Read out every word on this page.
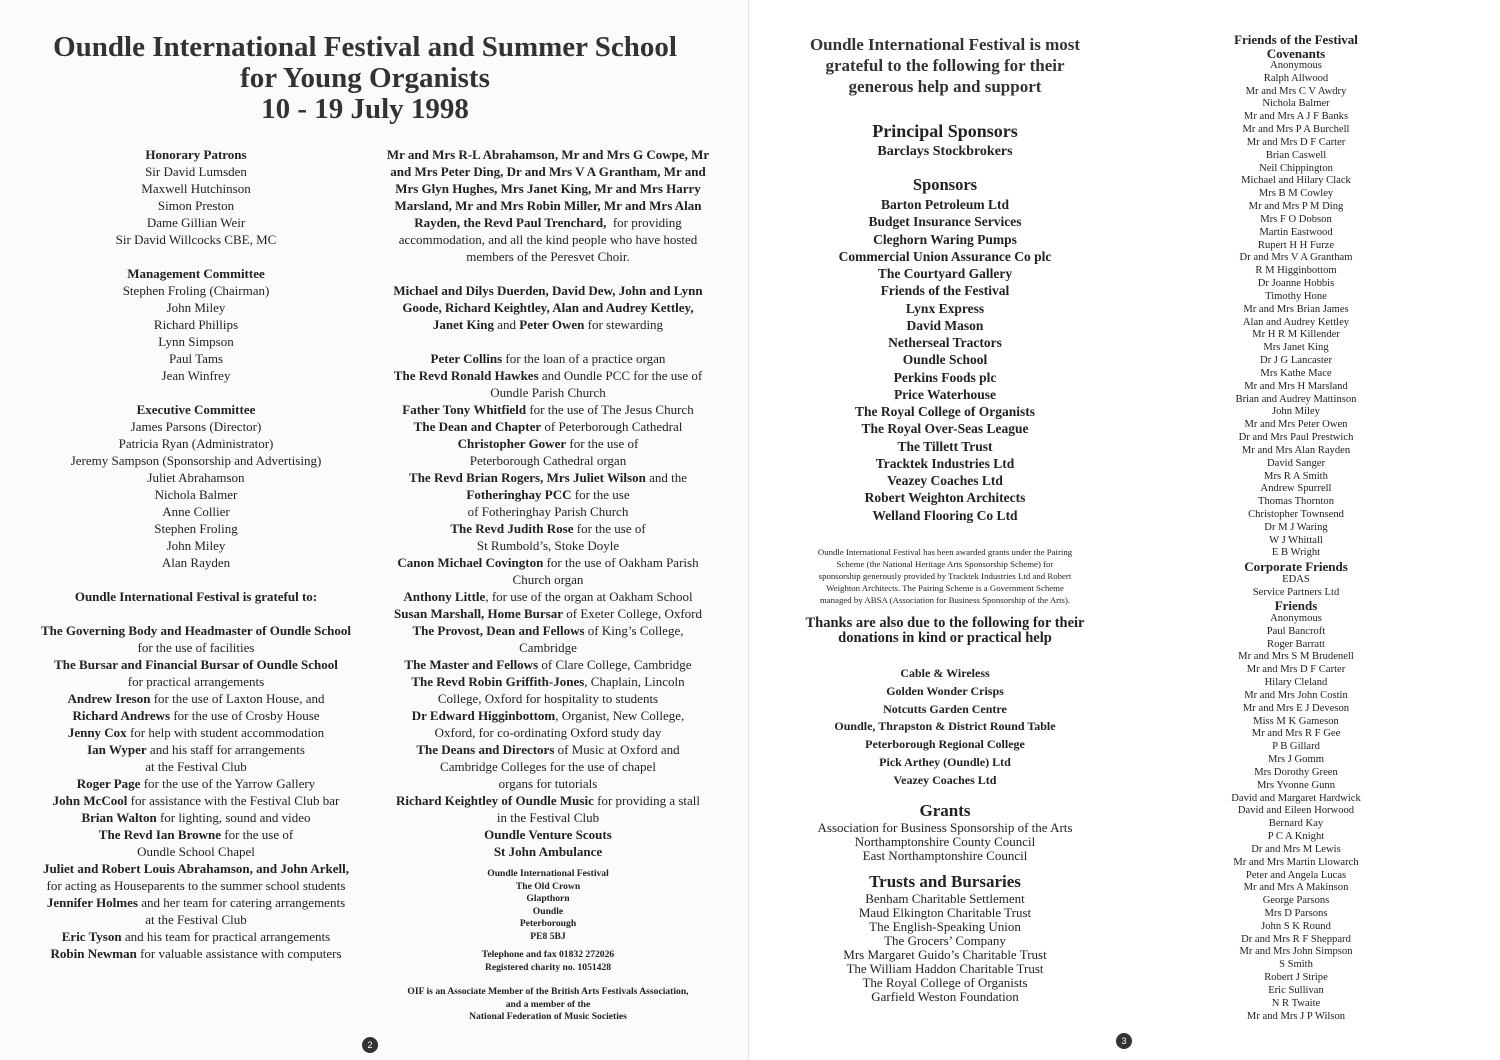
Oundle International Festival and Summer School
for Young Organists
10 - 19 July 1998
Honorary Patrons
Sir David Lumsden
Maxwell Hutchinson
Simon Preston
Dame Gillian Weir
Sir David Willcocks CBE, MC
Management Committee
Stephen Froling (Chairman)
John Miley
Richard Phillips
Lynn Simpson
Paul Tams
Jean Winfrey
Executive Committee
James Parsons (Director)
Patricia Ryan (Administrator)
Jeremy Sampson (Sponsorship and Advertising)
Juliet Abrahamson
Nichola Balmer
Anne Collier
Stephen Froling
John Miley
Alan Rayden
Oundle International Festival is grateful to:
The Governing Body and Headmaster of Oundle School
for the use of facilities
The Bursar and Financial Bursar of Oundle School
for practical arrangements
Andrew Ireson for the use of Laxton House, and
Richard Andrews for the use of Crosby House
Jenny Cox for help with student accommodation
Ian Wyper and his staff for arrangements
at the Festival Club
Roger Page for the use of the Yarrow Gallery
John McCool for assistance with the Festival Club bar
Brian Walton for lighting, sound and video
The Revd Ian Browne for the use of
Oundle School Chapel
Juliet and Robert Louis Abrahamson, and John Arkell,
for acting as Houseparents to the summer school students
Jennifer Holmes and her team for catering arrangements
at the Festival Club
Eric Tyson and his team for practical arrangements
Robin Newman for valuable assistance with computers
Mr and Mrs R-L Abrahamson, Mr and Mrs G Cowpe, Mr
and Mrs Peter Ding, Dr and Mrs V A Grantham, Mr and
Mrs Glyn Hughes, Mrs Janet King, Mr and Mrs Harry
Marsland, Mr and Mrs Robin Miller, Mr and Mrs Alan
Rayden, the Revd Paul Trenchard,  for providing
accommodation, and all the kind people who have hosted
members of the Peresvet Choir.
Michael and Dilys Duerden, David Dew, John and Lynn
Goode, Richard Keightley, Alan and Audrey Kettley,
Janet King and Peter Owen for stewarding
Peter Collins for the loan of a practice organ
The Revd Ronald Hawkes and Oundle PCC for the use of
Oundle Parish Church
Father Tony Whitfield for the use of The Jesus Church
The Dean and Chapter of Peterborough Cathedral
Christopher Gower for the use of
Peterborough Cathedral organ
The Revd Brian Rogers, Mrs Juliet Wilson and the
Fotheringhay PCC for the use
of Fotheringhay Parish Church
The Revd Judith Rose for the use of
St Rumbold’s, Stoke Doyle
Canon Michael Covington for the use of Oakham Parish
Church organ
Anthony Little, for use of the organ at Oakham School
Susan Marshall, Home Bursar of Exeter College, Oxford
The Provost, Dean and Fellows of King’s College,
Cambridge
The Master and Fellows of Clare College, Cambridge
The Revd Robin Griffith-Jones, Chaplain, Lincoln
College, Oxford for hospitality to students
Dr Edward Higginbottom, Organist, New College,
Oxford, for co-ordinating Oxford study day
The Deans and Directors of Music at Oxford and
Cambridge Colleges for the use of chapel
organs for tutorials
Richard Keightley of Oundle Music for providing a stall
in the Festival Club
Oundle Venture Scouts
St John Ambulance
Oundle International Festival
The Old Crown
Glapthorn
Oundle
Peterborough
PE8 5BJ
Telephone and fax 01832 272026
Registered charity no. 1051428
OIF is an Associate Member of the British Arts Festivals Association,
and a member of the
National Federation of Music Societies
2
Oundle International Festival is most
grateful to the following for their
generous help and support
Principal Sponsors
Barclays Stockbrokers
Sponsors
Barton Petroleum Ltd
Budget Insurance Services
Cleghorn Waring Pumps
Commercial Union Assurance Co plc
The Courtyard Gallery
Friends of the Festival
Lynx Express
David Mason
Netherseal Tractors
Oundle School
Perkins Foods plc
Price Waterhouse
The Royal College of Organists
The Royal Over-Seas League
The Tillett Trust
Tracktek Industries Ltd
Veazey Coaches Ltd
Robert Weighton Architects
Welland Flooring Co Ltd
Oundle International Festival has been awarded grants under the Pairing
Scheme (the National Heritage Arts Sponsorship Scheme) for
sponsorship generously provided by Tracktek Industries Ltd and Robert
Weighton Architects. The Pairing Scheme is a Government Scheme
managed by ABSA (Association for Business Sponsorship of the Arts).
Thanks are also due to the following for their
donations in kind or practical help
Cable & Wireless
Golden Wonder Crisps
Notcutts Garden Centre
Oundle, Thrapston & District Round Table
Peterborough Regional College
Pick Arthey (Oundle) Ltd
Veazey Coaches Ltd
Grants
Association for Business Sponsorship of the Arts
Northamptonshire County Council
East Northamptonshire Council
Trusts and Bursaries
Benham Charitable Settlement
Maud Elkington Charitable Trust
The English-Speaking Union
The Grocers’ Company
Mrs Margaret Guido’s Charitable Trust
The William Haddon Charitable Trust
The Royal College of Organists
Garfield Weston Foundation
Friends of the Festival
Covenants
Anonymous
Ralph Allwood
Mr and Mrs C V Awdry
Nichola Balmer
Mr and Mrs A J F Banks
Mr and Mrs P A Burchell
Mr and Mrs D F Carter
Brian Caswell
Neil Chippington
Michael and Hilary Clack
Mrs B M Cowley
Mr and Mrs P M Ding
Mrs F O Dobson
Martin Eastwood
Rupert H H Furze
Dr and Mrs V A Grantham
R M Higginbottom
Dr Joanne Hobbis
Timothy Hone
Mr and Mrs Brian James
Alan and Audrey Kettley
Mr H R M Killender
Mrs Janet King
Dr J G Lancaster
Mrs Kathe Mace
Mr and Mrs H Marsland
Brian and Audrey Mattinson
John Miley
Mr and Mrs Peter Owen
Dr and Mrs Paul Prestwich
Mr and Mrs Alan Rayden
David Sanger
Mrs R A Smith
Andrew Spurrell
Thomas Thornton
Christopher Townsend
Dr M J Waring
W J Whittall
E B Wright
Corporate Friends
EDAS
Service Partners Ltd
Friends
Anonymous
Paul Bancroft
Roger Barratt
Mr and Mrs S M Brudenell
Mr and Mrs D F Carter
Hilary Cleland
Mr and Mrs John Costin
Mr and Mrs E J Deveson
Miss M K Gameson
Mr and Mrs R F Gee
P B Gillard
Mrs J Gomm
Mrs Dorothy Green
Mrs Yvonne Gunn
David and Margaret Hardwick
David and Eileen Horwood
Bernard Kay
P C A Knight
Dr and Mrs M Lewis
Mr and Mrs Martin Llowarch
Peter and Angela Lucas
Mr and Mrs A Makinson
George Parsons
Mrs D Parsons
John S K Round
Dr and Mrs R F Sheppard
Mr and Mrs John Simpson
S Smith
Robert J Stripe
Eric Sullivan
N R Twaite
Mr and Mrs J P Wilson
3
